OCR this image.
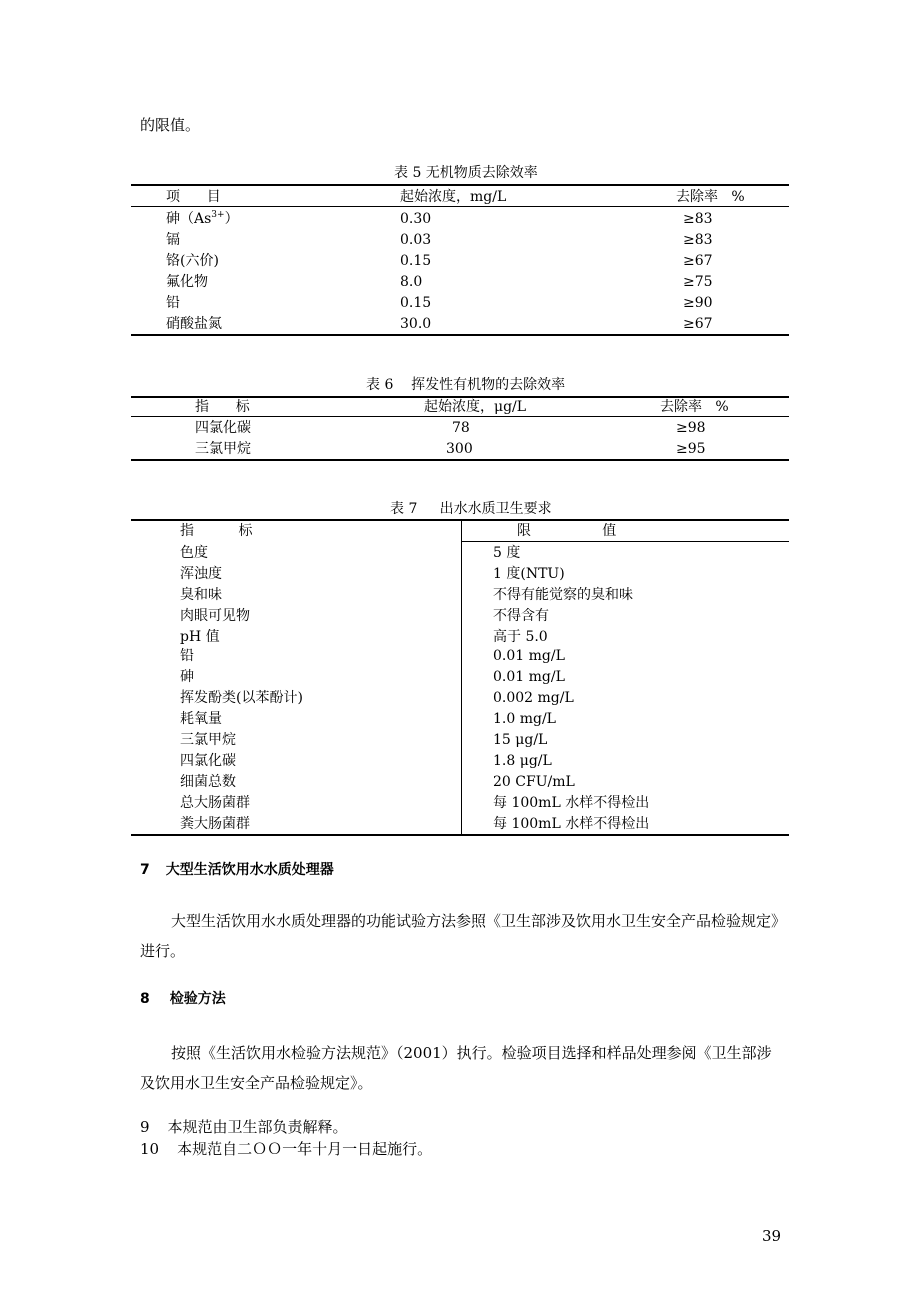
的限值。
表 5 无机物质去除效率
项      目	起始浓度，mg/L	去除率   %
砷$(As^{3+})$	0.30	≥83
镉	0.03	≥83
铬(六价)	0.15	≥67
氟化物	8.0	≥75
铅	0.15	≥90
硝酸盐氮	30.0	≥67
表 6    挥发性有机物的去除效率
指      标	起始浓度，μg/L	去除率   %
四氯化碳	78	≥98
三氯甲烷	300	≥95
表 7     出水水质卫生要求
指          标	限                值
色度	5 度
浑浊度	1 度(NTU)
臭和味	不得有能觉察的臭和味
肉眼可见物	不得含有
pH 值	高于 5.0
铅	0.01 mg/L
砷	0.01 mg/L
挥发酚类(以苯酚计)	0.002 mg/L
耗氧量	1.0 mg/L
三氯甲烷	15 μg/L
四氯化碳	1.8 μg/L
细菌总数	20 CFU/mL
总大肠菌群	每 100mL 水样不得检出
粪大肠菌群	每 100mL 水样不得检出
7 大型生活饮用水水质处理器
大型生活饮用水水质处理器的功能试验方法参照《卫生部涉及饮用水卫生安全产品检验规定》进行。
8 检验方法
按照《生活饮用水检验方法规范》（2001）执行。检验项目选择和样品处理参阅《卫生部涉及饮用水卫生安全产品检验规定》。
9 本规范由卫生部负责解释。
10 本规范自二ＯＯ一年十月一日起施行。
39
